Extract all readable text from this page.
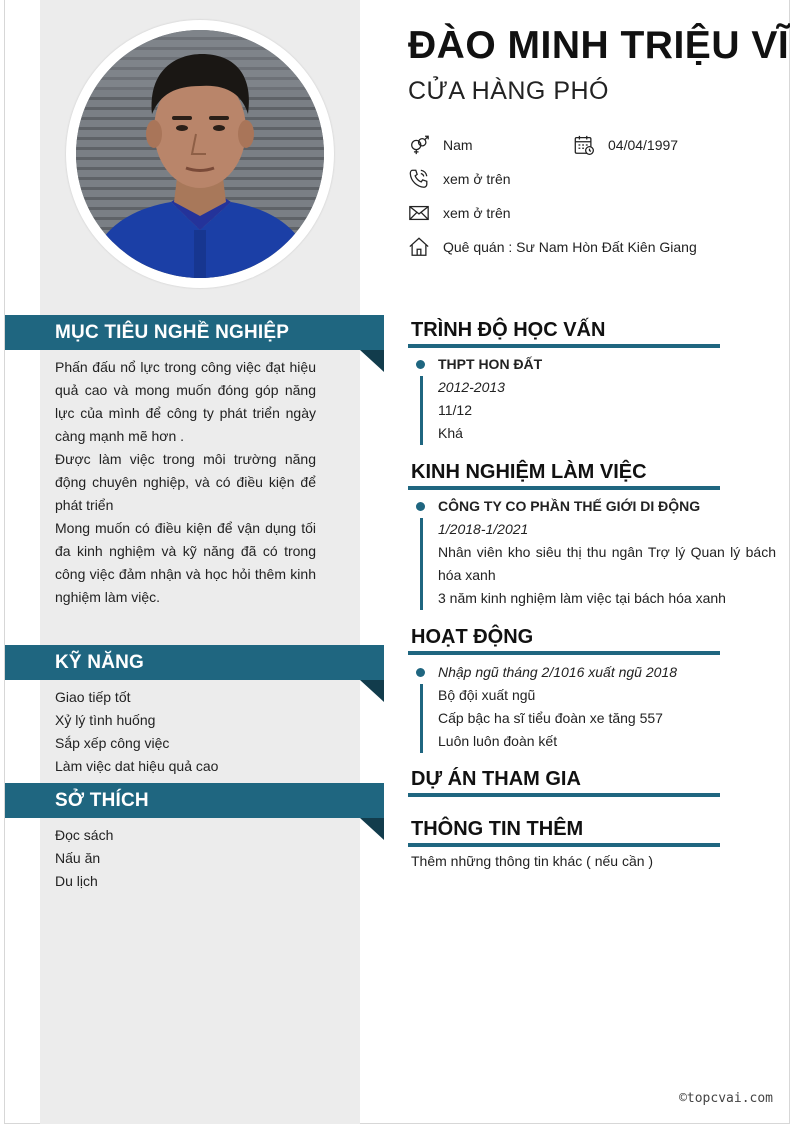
ĐÀO MINH TRIỆU VĨ
CỬA HÀNG PHÓ
Nam	04/04/1997
xem ở trên
xem ở trên
Quê quán : Sư Nam Hòn Đất Kiên Giang
MỤC TIÊU NGHỀ NGHIỆP
Phấn đấu nổ lực trong công việc đạt hiệu quả cao và mong muốn đóng góp năng lực của mình để công ty phát triển ngày càng mạnh mẽ hơn .
Được làm việc trong môi trường năng động chuyên nghiệp, và có điều kiện để phát triển
Mong muốn có điều kiện để vận dụng tối đa kinh nghiệm và kỹ năng đã có trong công việc đảm nhận và học hỏi thêm kinh nghiệm làm việc.
KỸ NĂNG
Giao tiếp tốt
Xỷ lý tình huống
Sắp xếp công việc
Làm việc dat hiệu quả cao
SỞ THÍCH
Đọc sách
Nấu ăn
Du lịch
TRÌNH ĐỘ HỌC VẤN
THPT HON ĐẤT
2012-2013
11/12
Khá
KINH NGHIỆM LÀM VIỆC
CÔNG TY CO PHẦN THẾ GIỚI DI ĐỘNG
1/2018-1/2021
Nhân viên kho siêu thị thu ngân Trợ lý Quan lý bách hóa xanh
3 năm kinh nghiệm làm việc tại bách hóa xanh
HOẠT ĐỘNG
Nhập ngũ tháng 2/1016 xuất ngũ 2018
Bộ đội xuất ngũ
Cấp bậc ha sĩ tiểu đoàn xe tăng 557
Luôn luôn đoàn kết
DỰ ÁN THAM GIA
THÔNG TIN THÊM
Thêm những thông tin khác ( nếu cần )
©topcvai.com
